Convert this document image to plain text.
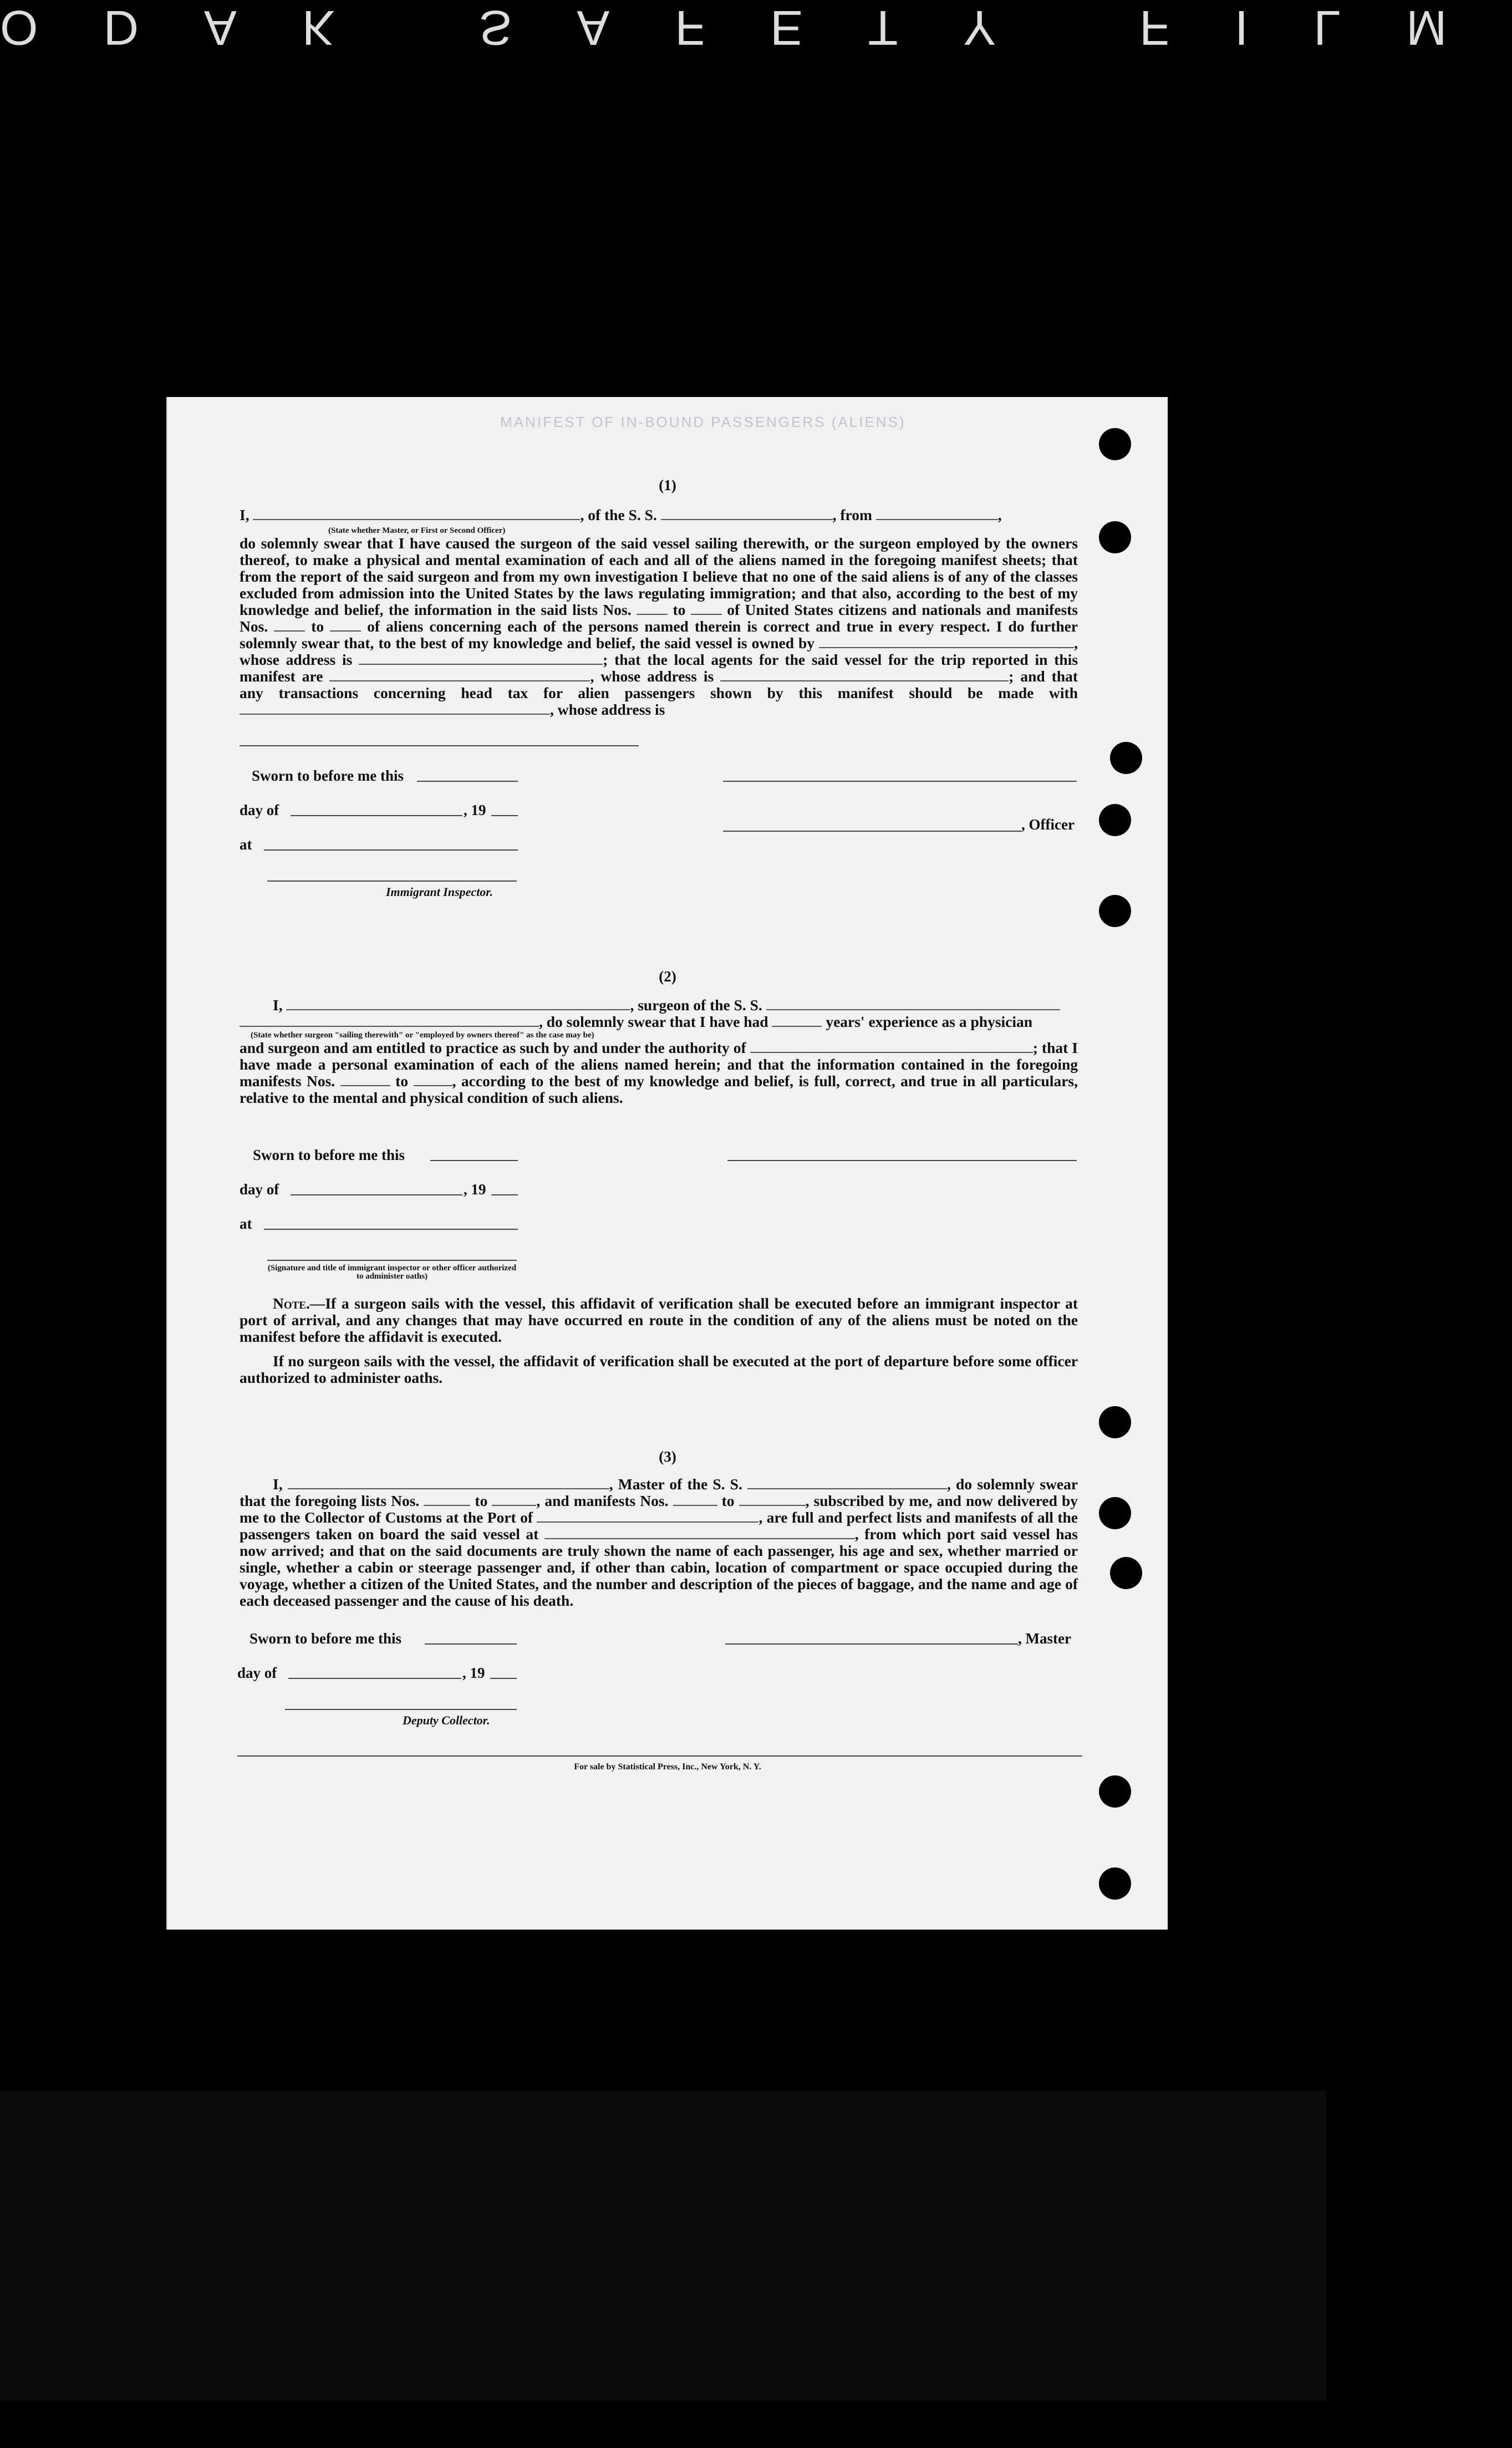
ODAK SAFETY FILM
MANIFEST OF IN-BOUND PASSENGERS (ALIENS)
(1)

I,	, of the S. S.	, from	,

(State whether Master, or First or Second Officer)

do solemnly swear that I have caused the surgeon of the said vessel sailing therewith, or the surgeon employed by the owners thereof, to make a physical and mental examination of each and all of the aliens named in the foregoing manifest sheets; that from the report of the said surgeon and from my own investigation I believe that no one of the said aliens is of any of the classes excluded from admission into the United States by the laws regulating immigration; and that also, according to the best of my knowledge and belief, the information in the said lists Nos.	to	of United States citizens and nationals and manifests Nos.	to	of aliens concerning each of the persons named therein is correct and true in every respect. I do further solemnly swear that, to the best of my knowledge and belief, the said vessel is owned by	, whose address is	; that the local agents for the said vessel for the trip reported in this manifest are	, whose address is	; and that any transactions concerning head tax for alien passengers shown by this manifest should be made with , whose address is

Sworn to before me this
day of	, 19
, Officer
at
Immigrant Inspector.
(2)

I,	, surgeon of the S. S.

, do solemnly swear that I have had	years' experience as a physician

(State whether surgeon "sailing therewith" or "employed by owners thereof" as the case may be)

and surgeon and am entitled to practice as such by and under the authority of	; that I have made a personal examination of each of the aliens named herein; and that the information contained in the foregoing manifests Nos.	to	, according to the best of my knowledge and belief, is full, correct, and true in all particulars, relative to the mental and physical condition of such aliens.

Sworn to before me this
day of	, 19
at
(Signature and title of immigrant inspector or other officer authorized to administer oaths)

Note.—If a surgeon sails with the vessel, this affidavit of verification shall be executed before an immigrant inspector at port of arrival, and any changes that may have occurred en route in the condition of any of the aliens must be noted on the manifest before the affidavit is executed.

If no surgeon sails with the vessel, the affidavit of verification shall be executed at the port of departure before some officer authorized to administer oaths.

(3)

I,	, Master of the S. S.	, do solemnly swear that the foregoing lists Nos.	to	, and manifests Nos.	to	, subscribed by me, and now delivered by me to the Collector of Customs at the Port of	, are full and perfect lists and manifests of all the passengers taken on board the said vessel at	, from which port said vessel has now arrived; and that on the said documents are truly shown the name of each passenger, his age and sex, whether married or single, whether a cabin or steerage passenger and, if other than cabin, location of compartment or space occupied during the voyage, whether a citizen of the United States, and the number and description of the pieces of baggage, and the name and age of each deceased passenger and the cause of his death.

Sworn to before me this	, Master
day of	, 19
Deputy Collector.
For sale by Statistical Press, Inc., New York, N. Y.
